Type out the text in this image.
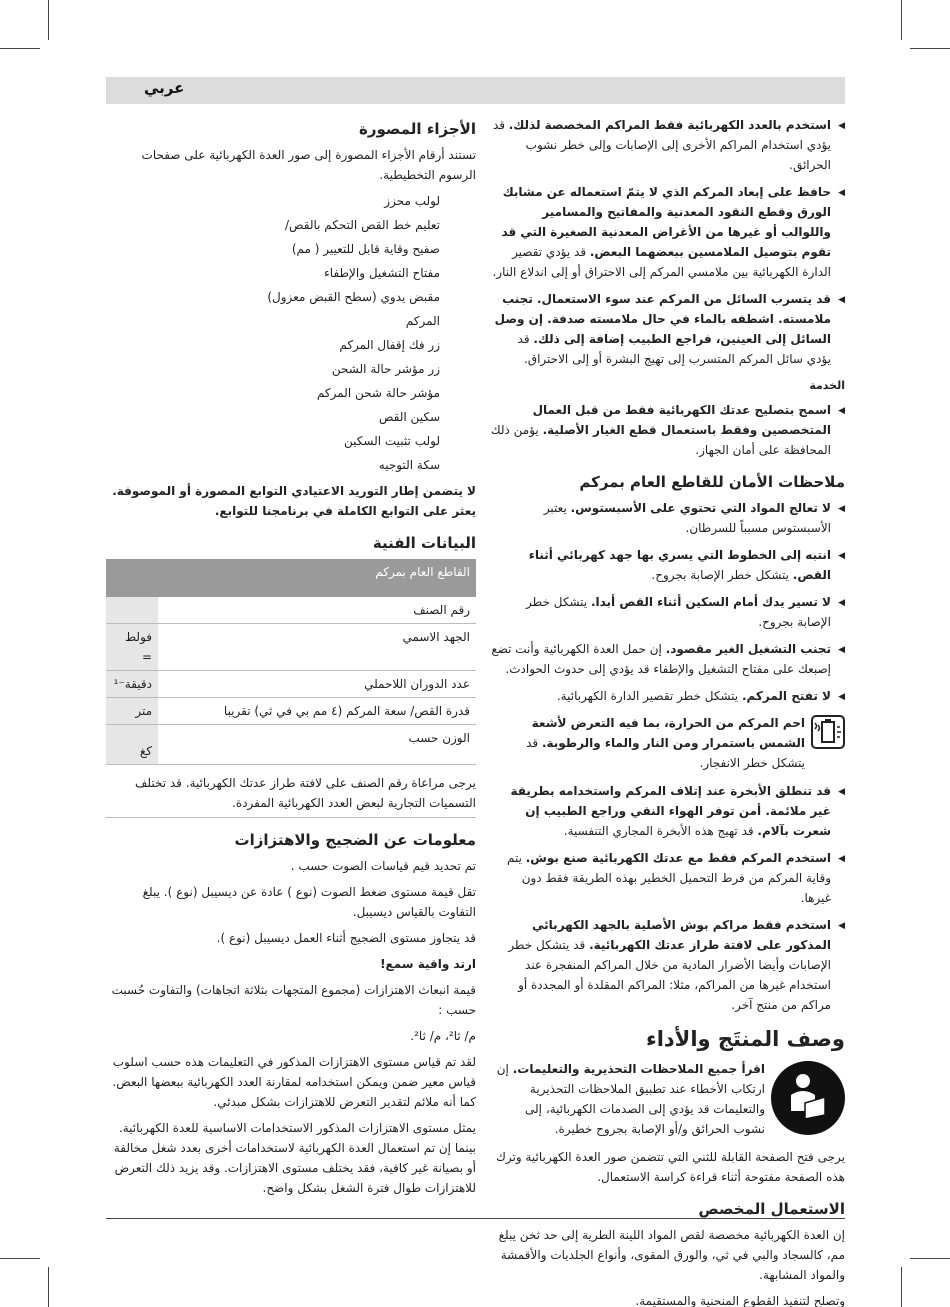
عربي
◀ استخدم بالعدد الكهربائية فقط المراكم المخصصة لذلك. قد يؤدي استخدام المراكم الأخرى إلى الإصابات وإلى خطر نشوب الحرائق.
◀ حافظ على إبعاد المركم الذي لا يتمّ استعماله عن مشابك الورق وقطع النقود المعدنية والمفاتيح والمسامير واللوالب أو غيرها من الأغراض المعدنية الصغيرة التي قد تقوم بتوصيل الملامسين ببعضهما البعض. قد يؤدي تقصير الدارة الكهربائية بين ملامسي المركم إلى الاحتراق أو إلى اندلاع النار.
◀ قد يتسرب السائل من المركم عند سوء الاستعمال. تجنب ملامسته. اشطفه بالماء في حال ملامسته صدفة. إن وصل السائل إلى العينين، فراجع الطبيب إضافة إلى ذلك. قد يؤدي سائل المركم المتسرب إلى تهيج البشرة أو إلى الاحتراق.
الخدمة
◀ اسمح بتصليح عدتك الكهربائية فقط من قبل العمال المتخصصين وفقط باستعمال قطع الغيار الأصلية. يؤمن ذلك المحافظة على أمان الجهاز.
ملاحظات الأمان للقاطع العام بمركم
◀ لا تعالج المواد التي تحتوي على الأسبستوس. يعتبر الأسبستوس مسبباً للسرطان.
◀ انتبه إلى الخطوط التي يسري بها جهد كهربائي أثناء القص. يتشكل خطر الإصابة بجروح.
◀ لا تسير يدك أمام السكين أثناء القص أبدا. يتشكل خطر الإصابة بجروح.
◀ تجنب التشغيل الغير مقصود. إن حمل العدة الكهربائية وأنت تضع إصبعك على مفتاح التشغيل والإطفاء قد يؤدي إلى حدوث الحوادث.
◀ لا تفتح المركم. يتشكل خطر تقصير الدارة الكهربائية.
احم المركم من الحرارة، بما فيه التعرض لأشعة الشمس باستمرار ومن النار والماء والرطوبة. قد يتشكل خطر الانفجار.
◀ قد تنطلق الأبخرة عند إتلاف المركم واستخدامه بطريقة غير ملائمة. أمن توفر الهواء النقي وراجع الطبيب إن شعرت بآلام. قد تهيج هذه الأبخرة المجاري التنفسية.
◀ استخدم المركم فقط مع عدتك الكهربائية صنع بوش. يتم وقاية المركم من فرط التحميل الخطير بهذه الطريقة فقط دون غيرها.
◀ استخدم فقط مراكم بوش الأصلية بالجهد الكهربائي المذكور على لافتة طراز عدتك الكهربائية. قد يتشكل خطر الإصابات وأيضا الأضرار المادية من خلال المراكم المنفجرة عند استخدام غيرها من المراكم، مثلا: المراكم المقلدة أو المجددة أو مراكم من منتج آخر.
وصف المنتَج والأداء
اقرأ جميع الملاحظات التحذيرية والتعليمات. إن ارتكاب الأخطاء عند تطبيق الملاحظات التحذيرية والتعليمات قد يؤدي إلى الصدمات الكهربائية، إلى نشوب الحرائق و/أو الإصابة بجروح خطيرة.
يرجى فتح الصفحة القابلة للثني التي تتضمن صور العدة الكهربائية وترك هذه الصفحة مفتوحة أثناء قراءة كراسة الاستعمال.
الاستعمال المخصص
إن العدة الكهربائية مخصصة لقص المواد اللينة الطرية إلى حد ثخن يبلغ مم، كالسجاد والبي في ثي، والورق المقوى، وأنواع الجلديات والأقمشة والمواد المشابهة.
وتصلح لتنفيذ القطوع المنحنية والمستقيمة.
الأجزاء المصورة
تستند أرقام الأجزاء المصورة إلى صور العدة الكهربائية على صفحات الرسوم التخطيطية.
لولب محزز
تعليم خط القص التحكم بالقص/
صفيح وقاية قابل للتعيير ( مم)
مفتاح التشغيل والإطفاء
مقبض يدوي (سطح القبض معزول)
المركم
زر فك إقفال المركم
زر مؤشر حالة الشحن
مؤشر حالة شحن المركم
سكين القص
لولب تثبيت السكين
سكة التوجيه
لا يتضمن إطار التوريد الاعتيادي التوابع المصورة أو الموصوفة. يعثر على التوابع الكاملة في برنامجنا للتوابع.
البيانات الفنية
القاطع العام بمركم	
رقم الصنف	
الجهد الاسمي	فولط =
عدد الدوران اللاحملي	دقيقة⁻¹
قدرة القص/ سعة المركم (٤ مم بي في ثي) تقريبا	متر
الوزن حسب	كغ
يرجى مراعاة رقم الصنف على لافتة طراز عدتك الكهربائية. قد تختلف التسميات التجارية لبعض العدد الكهربائية المفردة.
معلومات عن الضجيج والاهتزازات
تم تحديد قيم قياسات الصوت حسب .
تقل قيمة مستوى ضغط الصوت (نوع ) عادة عن ديسيبل (نوع ). يبلغ التفاوت بالقياس ديسيبل.
قد يتجاوز مستوى الضجيج أثناء العمل ديسيبل (نوع ).
ارتد واقية سمع!
قيمة انبعاث الاهتزازات (مجموع المتجهات بثلاثة اتجاهات) والتفاوت حُسبت حسب :
م/ ثا²، م/ ثا².
لقد تم قياس مستوى الاهتزازات المذكور في التعليمات هذه حسب اسلوب قياس معير ضمن ويمكن استخدامه لمقارنة العدد الكهربائية ببعضها البعض. كما أنه ملائم لتقدير التعرض للاهتزازات بشكل مبدئي.
يمثل مستوى الاهتزازات المذكور الاستخدامات الاساسية للعدة الكهربائية. بينما إن تم استعمال العدة الكهربائية لاستخدامات أخرى بعدد شغل مخالفة أو بصيانة غير كافية، فقد يختلف مستوى الاهتزازات. وقد يزيد ذلك التعرض للاهتزازات طوال فترة الشغل بشكل واضح.
